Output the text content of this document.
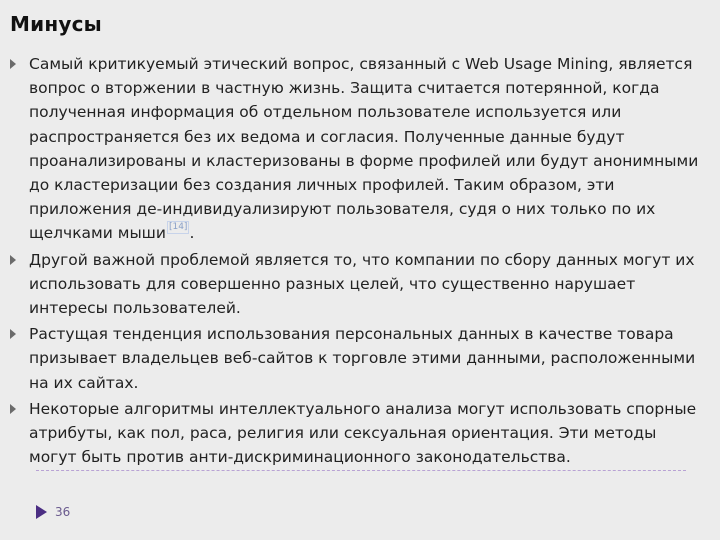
Минусы
Самый критикуемый этический вопрос, связанный с Web Usage Mining, является вопрос о вторжении в частную жизнь. Защита считается потерянной, когда полученная информация об отдельном пользователе используется или распространяется без их ведома и согласия. Полученные данные будут проанализированы и кластеризованы в форме профилей или будут анонимными до кластеризации без создания личных профилей. Таким образом, эти приложения де-индивидуализируют пользователя, судя о них только по их щелчками мыши [14] .
Другой важной проблемой является то, что компании по сбору данных могут их использовать для совершенно разных целей, что существенно нарушает интересы пользователей.
Растущая тенденция использования персональных данных в качестве товара призывает владельцев веб-сайтов к торговле этими данными, расположенными на их сайтах.
Некоторые алгоритмы интеллектуального анализа могут использовать спорные атрибуты, как пол, раса, религия или сексуальная ориентация. Эти методы могут быть против анти-дискриминационного законодательства.
36
